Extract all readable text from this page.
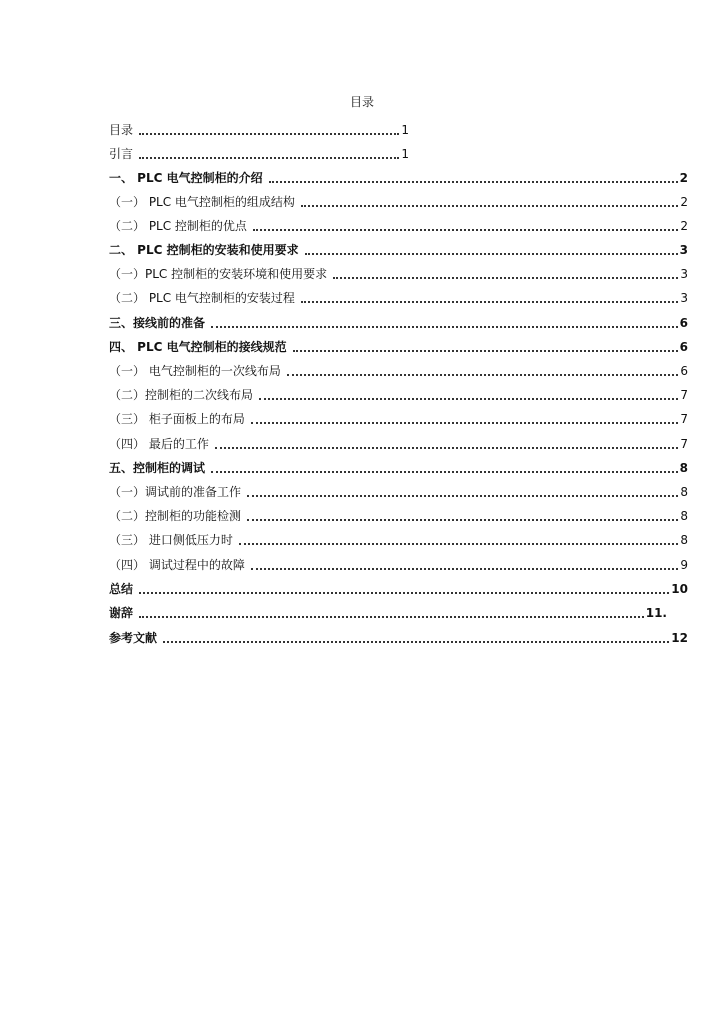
目录
目录	1
引言	1
一、 PLC 电气控制柜的介绍	2
（一） PLC 电气控制柜的组成结构	2
（二） PLC 控制柜的优点	2
二、 PLC 控制柜的安装和使用要求	3
（一）PLC 控制柜的安装环境和使用要求	3
（二） PLC 电气控制柜的安装过程	3
三、接线前的准备	6
四、 PLC 电气控制柜的接线规范	6
（一） 电气控制柜的一次线布局	6
（二）控制柜的二次线布局	7
（三） 柜子面板上的布局	7
（四） 最后的工作	7
五、控制柜的调试	8
（一）调试前的准备工作	8
（二）控制柜的功能检测	8
（三） 进口侧低压力时	8
（四） 调试过程中的故障	9
总结	10
谢辞	11.
参考文献	12
